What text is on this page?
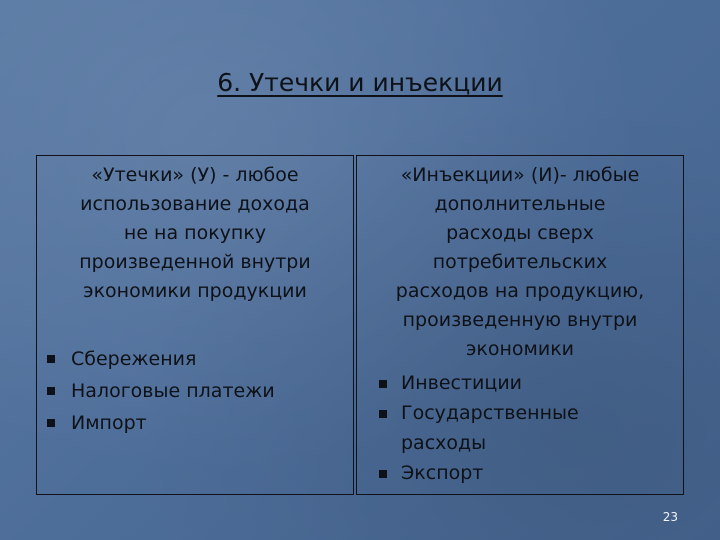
6. Утечки и инъекции

«Утечки» (У) - любое
использование дохода
не на покупку
произведенной внутри
экономики продукции

Сбережения
Налоговые платежи
Импорт

«Инъекции» (И)- любые
дополнительные
расходы сверх
потребительских
расходов на продукцию,
произведенную внутри
экономики

Инвестиции
Государственные
расходы
Экспорт
23
